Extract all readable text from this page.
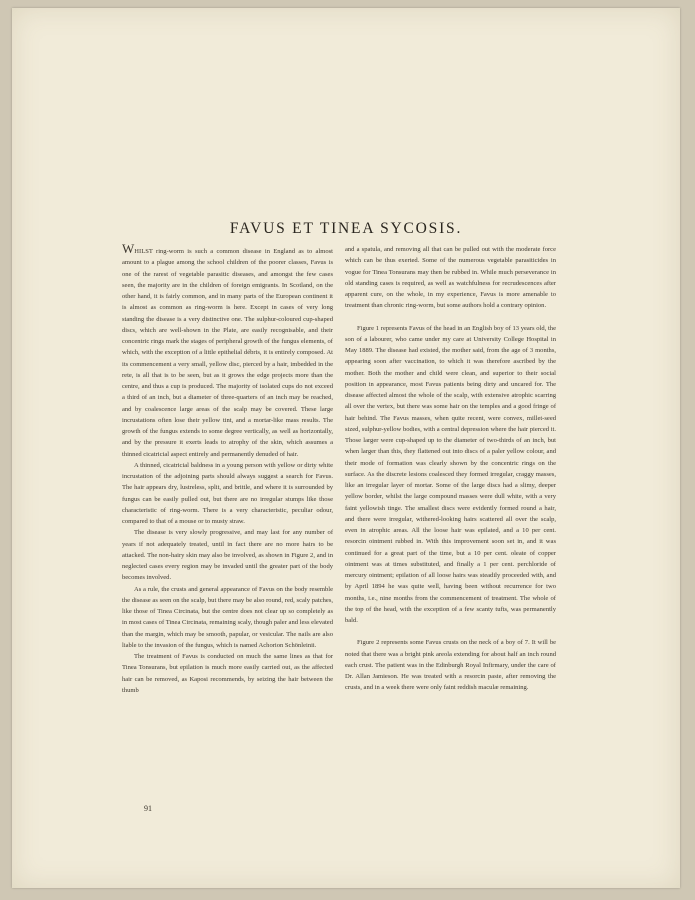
FAVUS ET TINEA SYCOSIS.

WHILST ring-worm is such a common disease in England as to almost amount to a plague among the school children of the poorer classes, Favus is one of the rarest of vegetable parasitic diseases, and amongst the few cases seen, the majority are in the children of foreign emigrants. In Scotland, on the other hand, it is fairly common, and in many parts of the European continent it is almost as common as ring-worm is here. Except in cases of very long standing the disease is a very distinctive one. The sulphur-coloured cup-shaped discs, which are well-shown in the Plate, are easily recognisable, and their concentric rings mark the stages of peripheral growth of the fungus elements, of which, with the exception of a little epithelial débris, it is entirely composed. At its commencement a very small, yellow disc, pierced by a hair, imbedded in the rete, is all that is to be seen, but as it grows the edge projects more than the centre, and thus a cup is produced. The majority of isolated cups do not exceed a third of an inch, but a diameter of three-quarters of an inch may be reached, and by coalescence large areas of the scalp may be covered. These large incrustations often lose their yellow tint, and a mortar-like mass results. The growth of the fungus extends to some degree vertically, as well as horizontally, and by the pressure it exerts leads to atrophy of the skin, which assumes a thinned cicatricial aspect entirely and permanently denuded of hair.

A thinned, cicatricial baldness in a young person with yellow or dirty white incrustation of the adjoining parts should always suggest a search for Favus. The hair appears dry, lustreless, split, and brittle, and where it is surrounded by fungus can be easily pulled out, but there are no irregular stumps like those characteristic of ring-worm. There is a very characteristic, peculiar odour, compared to that of a mouse or to musty straw.

The disease is very slowly progressive, and may last for any number of years if not adequately treated, until in fact there are no more hairs to be attacked. The non-hairy skin may also be involved, as shown in Figure 2, and in neglected cases every region may be invaded until the greater part of the body becomes involved.

As a rule, the crusts and general appearance of Favus on the body resemble the disease as seen on the scalp, but there may be also round, red, scaly patches, like those of Tinea Circinata, but the centre does not clear up so completely as in most cases of Tinea Circinata, remaining scaly, though paler and less elevated than the margin, which may be smooth, papular, or vesicular. The nails are also liable to the invasion of the fungus, which is named Achorion Schönleinii.

The treatment of Favus is conducted on much the same lines as that for Tinea Tonsurans, but epilation is much more easily carried out, as the affected hair can be removed, as Kaposi recommends, by seizing the hair between the thumb

and a spatula, and removing all that can be pulled out with the moderate force which can be thus exerted. Some of the numerous vegetable parasiticides in vogue for Tinea Tonsurans may then be rubbed in. While much perseverance in old standing cases is required, as well as watchfulness for recrudescences after apparent cure, on the whole, in my experience, Favus is more amenable to treatment than chronic ring-worm, but some authors hold a contrary opinion.

Figure 1 represents Favus of the head in an English boy of 13 years old, the son of a labourer, who came under my care at University College Hospital in May 1889. The disease had existed, the mother said, from the age of 3 months, appearing soon after vaccination, to which it was therefore ascribed by the mother. Both the mother and child were clean, and superior to their social position in appearance, most Favus patients being dirty and uncared for. The disease affected almost the whole of the scalp, with extensive atrophic scarring all over the vertex, but there was some hair on the temples and a good fringe of hair behind. The Favus masses, when quite recent, were convex, millet-seed sized, sulphur-yellow bodies, with a central depression where the hair pierced it. Those larger were cup-shaped up to the diameter of two-thirds of an inch, but when larger than this, they flattened out into discs of a paler yellow colour, and their mode of formation was clearly shown by the concentric rings on the surface. As the discrete lesions coalesced they formed irregular, craggy masses, like an irregular layer of mortar. Some of the large discs had a slimy, deeper yellow border, whilst the large compound masses were dull white, with a very faint yellowish tinge. The smallest discs were evidently formed round a hair, and there were irregular, withered-looking hairs scattered all over the scalp, even in atrophic areas. All the loose hair was epilated, and a 10 per cent. resorcin ointment rubbed in. With this improvement soon set in, and it was continued for a great part of the time, but a 10 per cent. oleate of copper ointment was at times substituted, and finally a 1 per cent. perchloride of mercury ointment; epilation of all loose hairs was steadily proceeded with, and by April 1894 he was quite well, having been without recurrence for two months, i.e., nine months from the commencement of treatment. The whole of the top of the head, with the exception of a few scanty tufts, was permanently bald.

Figure 2 represents some Favus crusts on the neck of a boy of 7. It will be noted that there was a bright pink areola extending for about half an inch round each crust. The patient was in the Edinburgh Royal Infirmary, under the care of Dr. Allan Jamieson. He was treated with a resorcin paste, after removing the crusts, and in a week there were only faint reddish maculæ remaining.

91
